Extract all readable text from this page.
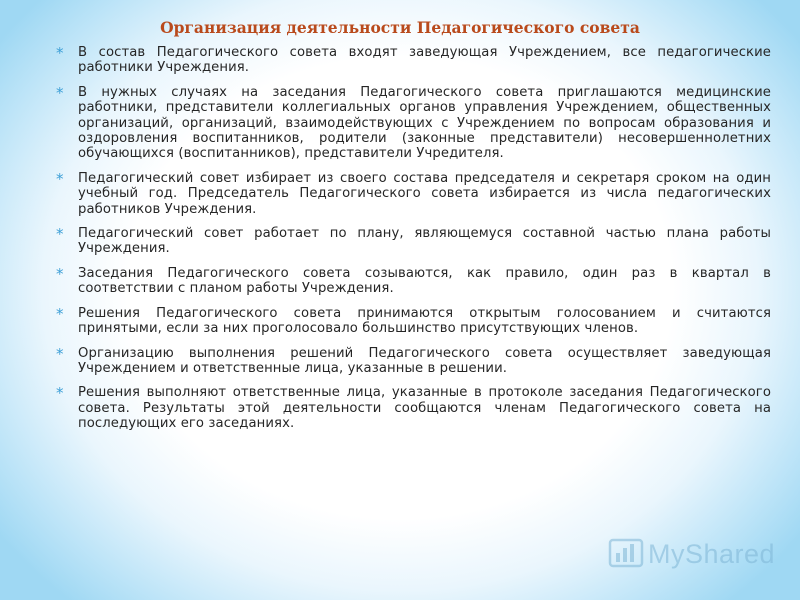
Организация деятельности Педагогического совета
* В состав Педагогического совета входят заведующая Учреждением, все педагогические работники Учреждения.
* В нужных случаях на заседания Педагогического совета приглашаются медицинские работники, представители коллегиальных органов управления Учреждением, общественных организаций, организаций, взаимодействующих с Учреждением по вопросам образования и оздоровления воспитанников, родители (законные представители) несовершеннолетних обучающихся (воспитанников), представители Учредителя.
* Педагогический совет избирает из своего состава председателя и секретаря сроком на один учебный год. Председатель Педагогического совета избирается из числа педагогических работников Учреждения.
* Педагогический совет работает по плану, являющемуся составной частью плана работы Учреждения.
* Заседания Педагогического совета созываются, как правило, один раз в квартал в соответствии с планом работы Учреждения.
* Решения Педагогического совета принимаются открытым голосованием и считаются принятыми, если за них проголосовало большинство присутствующих членов.
* Организацию выполнения решений Педагогического совета осуществляет заведующая Учреждением и ответственные лица, указанные в решении.
* Решения выполняют ответственные лица, указанные в протоколе заседания Педагогического совета. Результаты этой деятельности сообщаются членам Педагогического совета на последующих его заседаниях.
MyShared
